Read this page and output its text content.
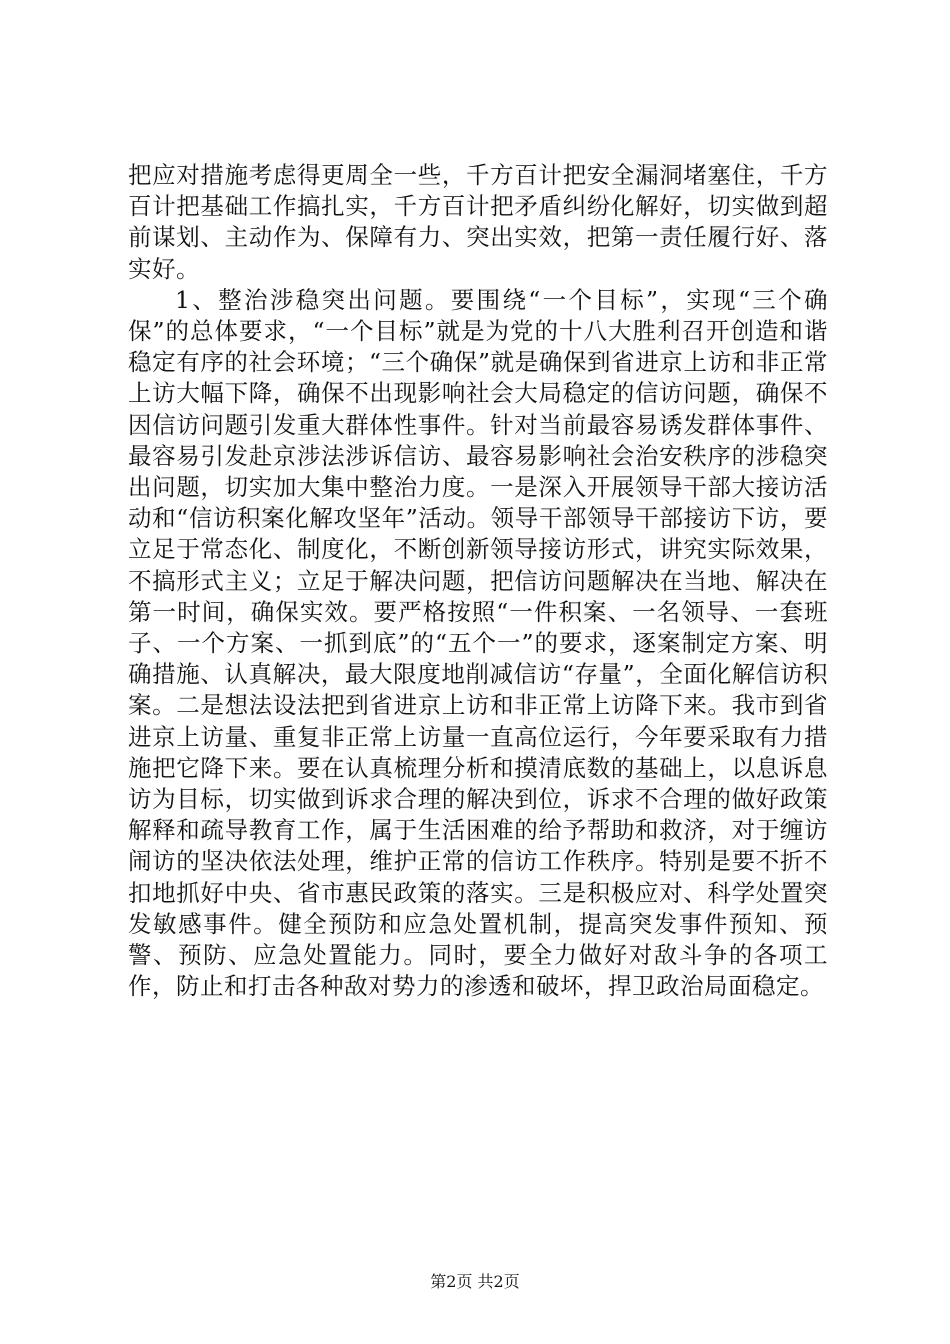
把应对措施考虑得更周全一些，千方百计把安全漏洞堵塞住，千方百计把基础工作搞扎实，千方百计把矛盾纠纷化解好，切实做到超前谋划、主动作为、保障有力、突出实效，把第一责任履行好、落实好。

1、整治涉稳突出问题。要围绕“一个目标”，实现“三个确保”的总体要求，“一个目标”就是为党的十八大胜利召开创造和谐稳定有序的社会环境；“三个确保”就是确保到省进京上访和非正常上访大幅下降，确保不出现影响社会大局稳定的信访问题，确保不因信访问题引发重大群体性事件。针对当前最容易诱发群体事件、最容易引发赴京涉法涉诉信访、最容易影响社会治安秩序的涉稳突出问题，切实加大集中整治力度。一是深入开展领导干部大接访活动和“信访积案化解攻坚年”活动。领导干部领导干部接访下访，要立足于常态化、制度化，不断创新领导接访形式，讲究实际效果，不搞形式主义；立足于解决问题，把信访问题解决在当地、解决在第一时间，确保实效。要严格按照“一件积案、一名领导、一套班子、一个方案、一抓到底”的“五个一”的要求，逐案制定方案、明确措施、认真解决，最大限度地削减信访“存量”，全面化解信访积案。二是想法设法把到省进京上访和非正常上访降下来。我市到省进京上访量、重复非正常上访量一直高位运行，今年要采取有力措施把它降下来。要在认真梳理分析和摸清底数的基础上，以息诉息访为目标，切实做到诉求合理的解决到位，诉求不合理的做好政策解释和疏导教育工作，属于生活困难的给予帮助和救济，对于缠访闹访的坚决依法处理，维护正常的信访工作秩序。特别是要不折不扣地抓好中央、省市惠民政策的落实。三是积极应对、科学处置突发敏感事件。健全预防和应急处置机制，提高突发事件预知、预警、预防、应急处置能力。同时，要全力做好对敌斗争的各项工作，防止和打击各种敌对势力的渗透和破坏，捍卫政治局面稳定。

第2页 共2页
